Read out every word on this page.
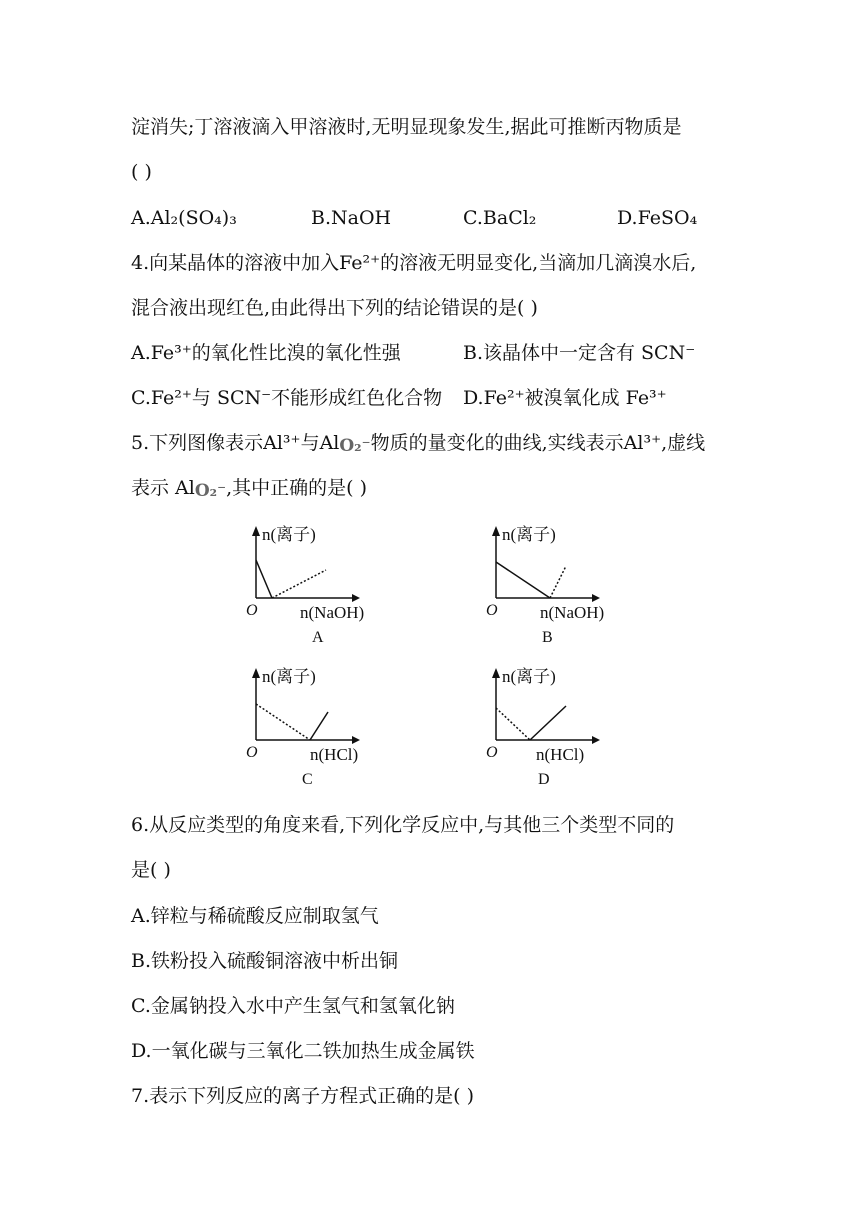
淀消失;丁溶液滴入甲溶液时,无明显现象发生,据此可推断丙物质是

( )

A.Al₂(SO₄)₃	B.NaOH	C.BaCl₂	D.FeSO₄

4.向某晶体的溶液中加入Fe²⁺的溶液无明显变化,当滴加几滴溴水后,

混合液出现红色,由此得出下列的结论错误的是( )

A.Fe³⁺的氧化性比溴的氧化性强	B.该晶体中一定含有 SCN⁻
C.Fe²⁺与 SCN⁻不能形成红色化合物 D.Fe²⁺被溴氧化成 Fe³⁺

5.下列图像表示Al³⁺与AlO₂⁻物质的量变化的曲线,实线表示Al³⁺,虚线

表示 AlO₂⁻,其中正确的是( )

n(离子)
O n(NaOH)
A
n(离子)
O n(NaOH)
B
n(离子)
O	n(HCl)
C
n(离子)
O n(HCl)
D

6.从反应类型的角度来看,下列化学反应中,与其他三个类型不同的

是( )

A.锌粒与稀硫酸反应制取氢气

B.铁粉投入硫酸铜溶液中析出铜

C.金属钠投入水中产生氢气和氢氧化钠

D.一氧化碳与三氧化二铁加热生成金属铁

7.表示下列反应的离子方程式正确的是( )
